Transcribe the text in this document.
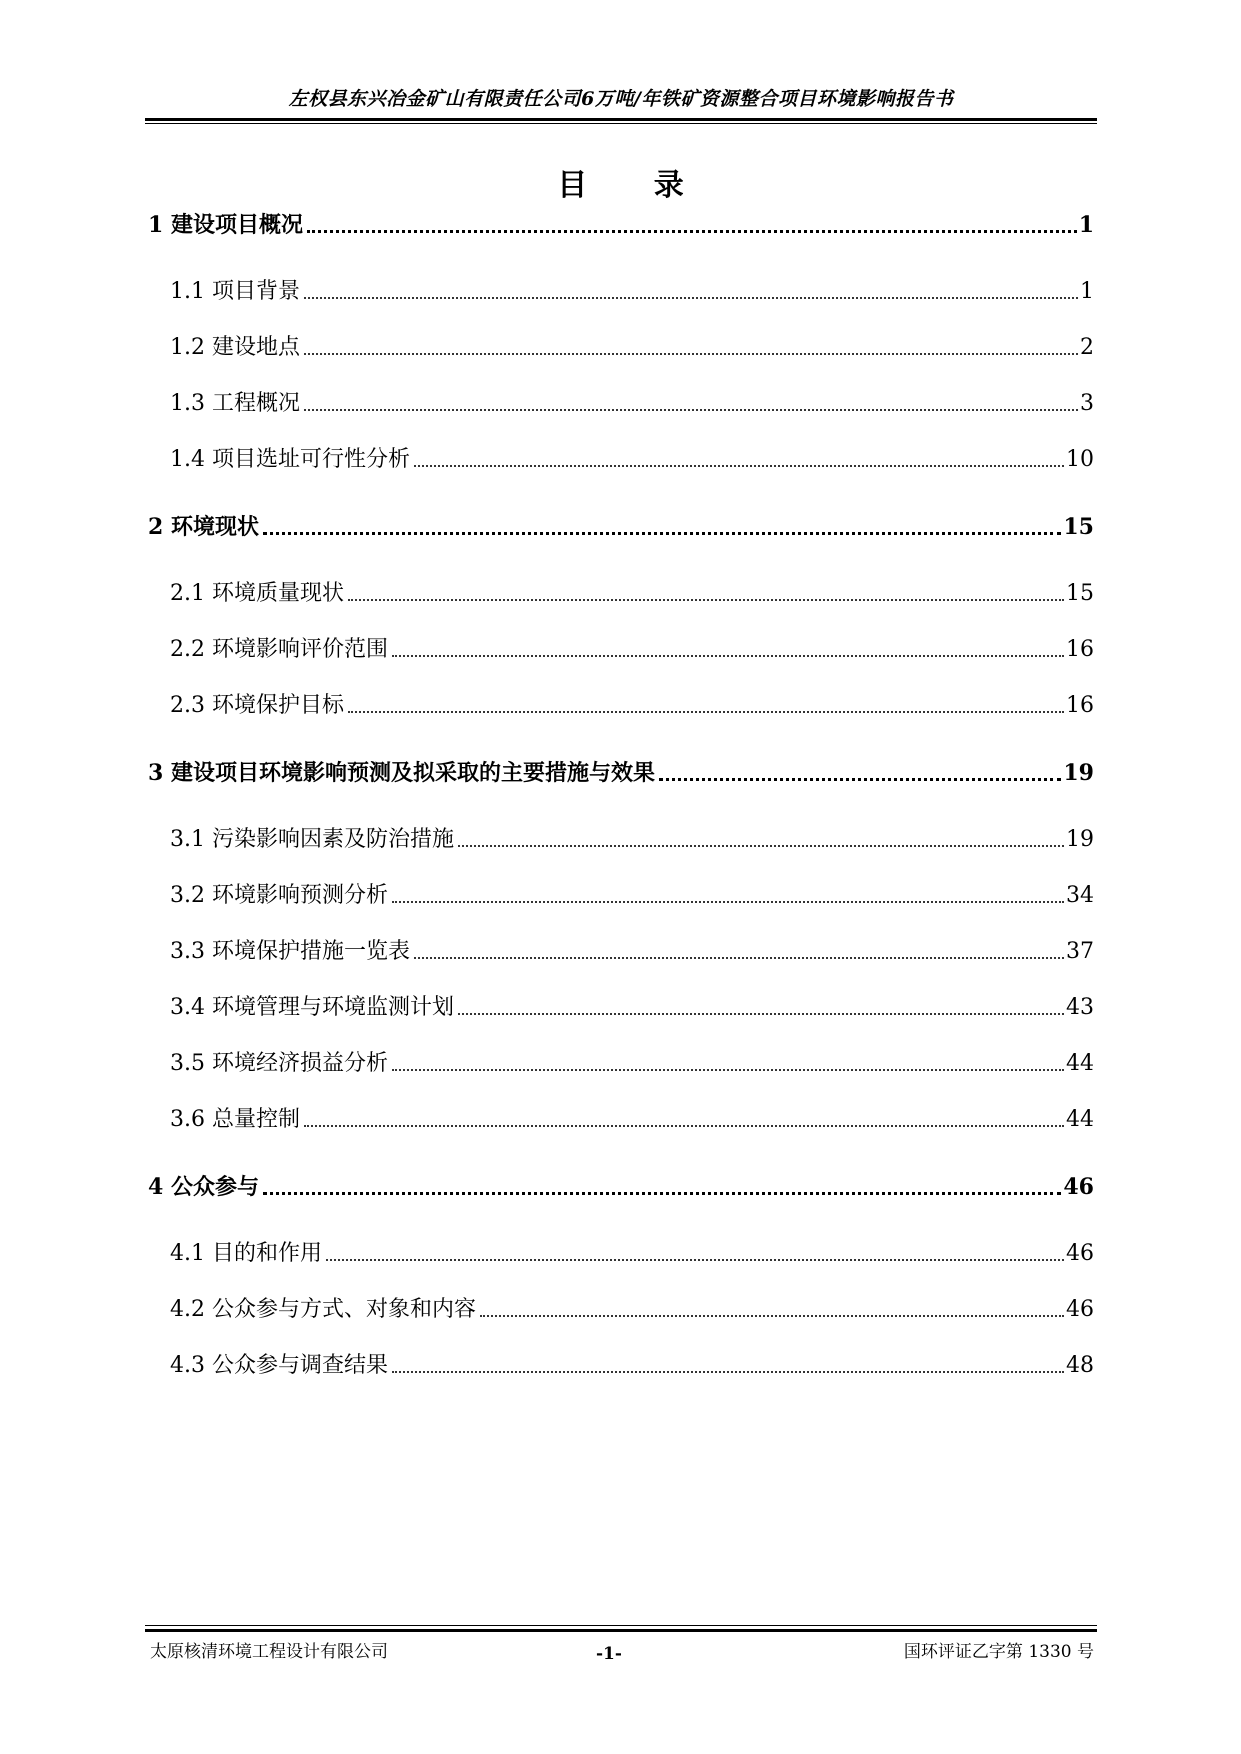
左权县东兴冶金矿山有限责任公司6万吨/年铁矿资源整合项目环境影响报告书
目 录
1 建设项目概况	1
1.1 项目背景	1
1.2 建设地点	2
1.3 工程概况	3
1.4 项目选址可行性分析	10
2 环境现状	15
2.1 环境质量现状	15
2.2 环境影响评价范围	16
2.3 环境保护目标	16
3 建设项目环境影响预测及拟采取的主要措施与效果	19
3.1 污染影响因素及防治措施	19
3.2 环境影响预测分析	34
3.3 环境保护措施一览表	37
3.4 环境管理与环境监测计划	43
3.5 环境经济损益分析	44
3.6 总量控制	44
4 公众参与	46
4.1 目的和作用	46
4.2 公众参与方式、对象和内容	46
4.3 公众参与调查结果	48
太原核清环境工程设计有限公司	-1-	国环评证乙字第 1330 号
